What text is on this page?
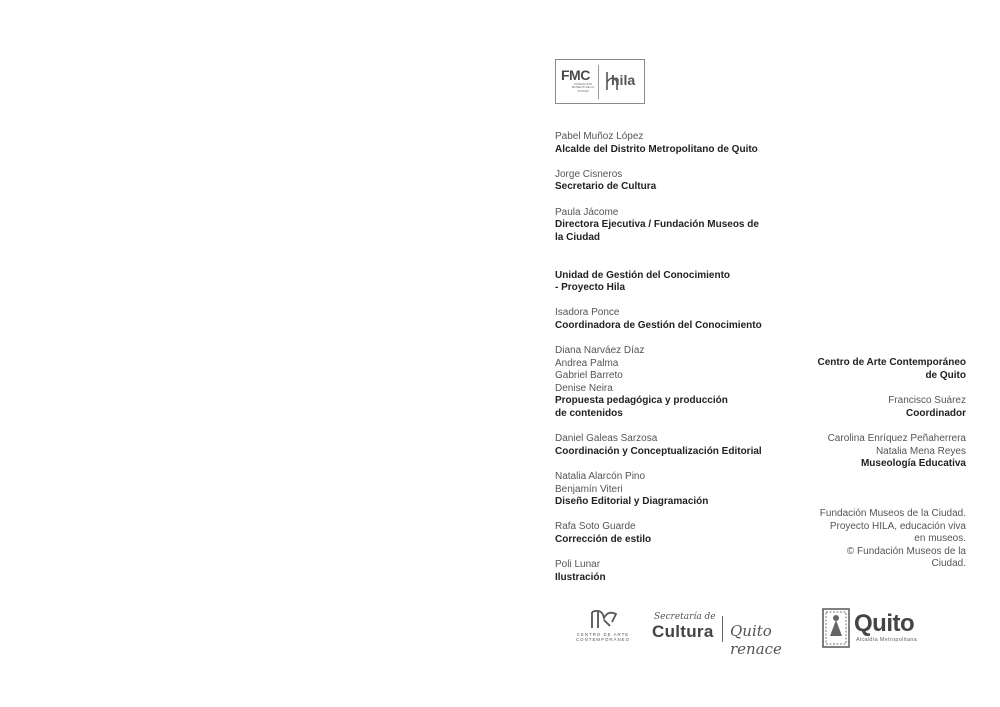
FMC
FUNDACIÓN MUSEOS DE LA CIUDAD
hila
Pabel Muñoz López
Alcalde del Distrito Metropolitano de Quito
Jorge Cisneros
Secretario de Cultura
Paula Jácome
Directora Ejecutiva / Fundación Museos de la Ciudad
Unidad de Gestión del Conocimiento - Proyecto Hila
Isadora Ponce
Coordinadora de Gestión del Conocimiento
Diana Narváez Díaz
Andrea Palma
Gabriel Barreto
Denise Neira
Propuesta pedagógica y producción de contenidos
Daniel Galeas Sarzosa
Coordinación y Conceptualización Editorial
Natalia Alarcón Pino
Benjamín Viteri
Diseño Editorial y Diagramación
Rafa Soto Guarde
Corrección de estilo
Poli Lunar
Ilustración
Centro de Arte Contemporáneo de Quito
Francisco Suárez
Coordinador
Carolina Enríquez Peñaherrera
Natalia Mena Reyes
Museología Educativa
Fundación Museos de la Ciudad. Proyecto HILA, educación viva en museos.
© Fundación Museos de la Ciudad.
CENTRO DE ARTE CONTEMPORÁNEO
Secretaría de
Cultura Quito renace
Quito
Alcaldía Metropolitana
